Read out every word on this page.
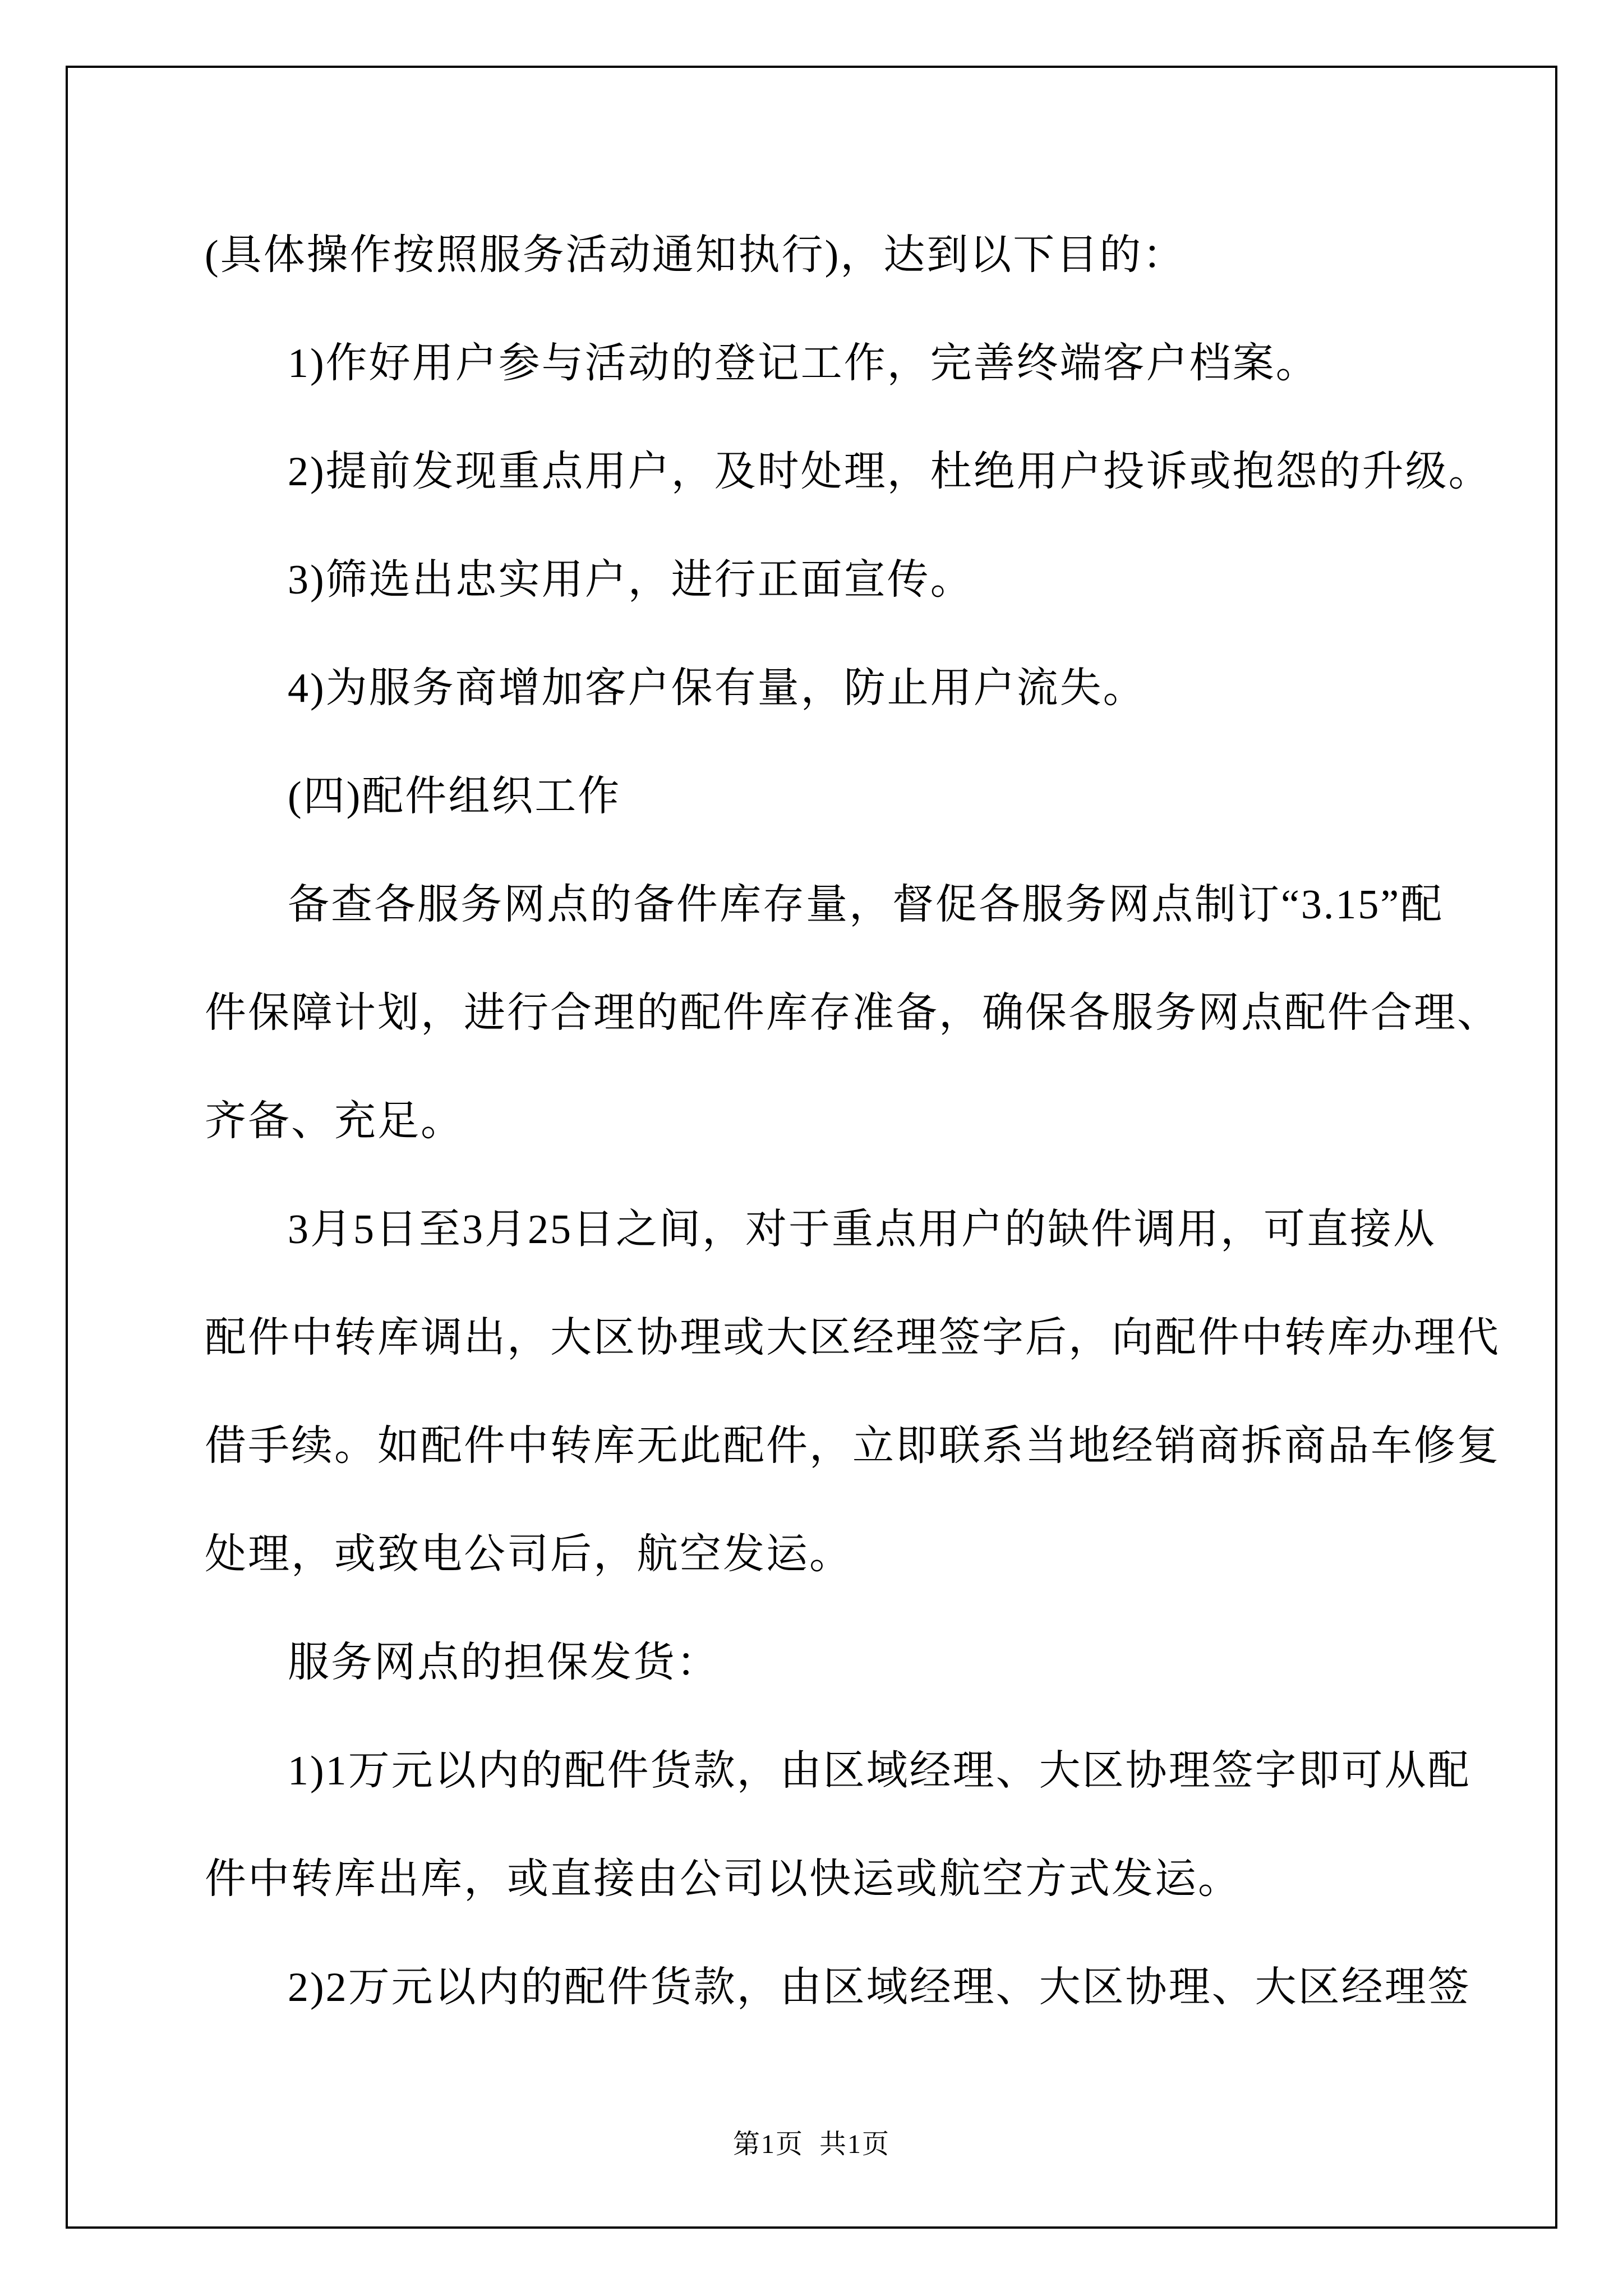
(具体操作按照服务活动通知执行)，达到以下目的：
1)作好用户参与活动的登记工作，完善终端客户档案。
2)提前发现重点用户，及时处理，杜绝用户投诉或抱怨的升级。
3)筛选出忠实用户，进行正面宣传。
4)为服务商增加客户保有量，防止用户流失。
(四)配件组织工作
备查各服务网点的备件库存量，督促各服务网点制订“3.15”配
件保障计划，进行合理的配件库存准备，确保各服务网点配件合理、
齐备、充足。
3月5日至3月25日之间，对于重点用户的缺件调用，可直接从
配件中转库调出，大区协理或大区经理签字后，向配件中转库办理代
借手续。如配件中转库无此配件，立即联系当地经销商拆商品车修复
处理，或致电公司后，航空发运。
服务网点的担保发货：
1)1万元以内的配件货款，由区域经理、大区协理签字即可从配
件中转库出库，或直接由公司以快运或航空方式发运。
2)2万元以内的配件货款，由区域经理、大区协理、大区经理签
第1页  共1页
